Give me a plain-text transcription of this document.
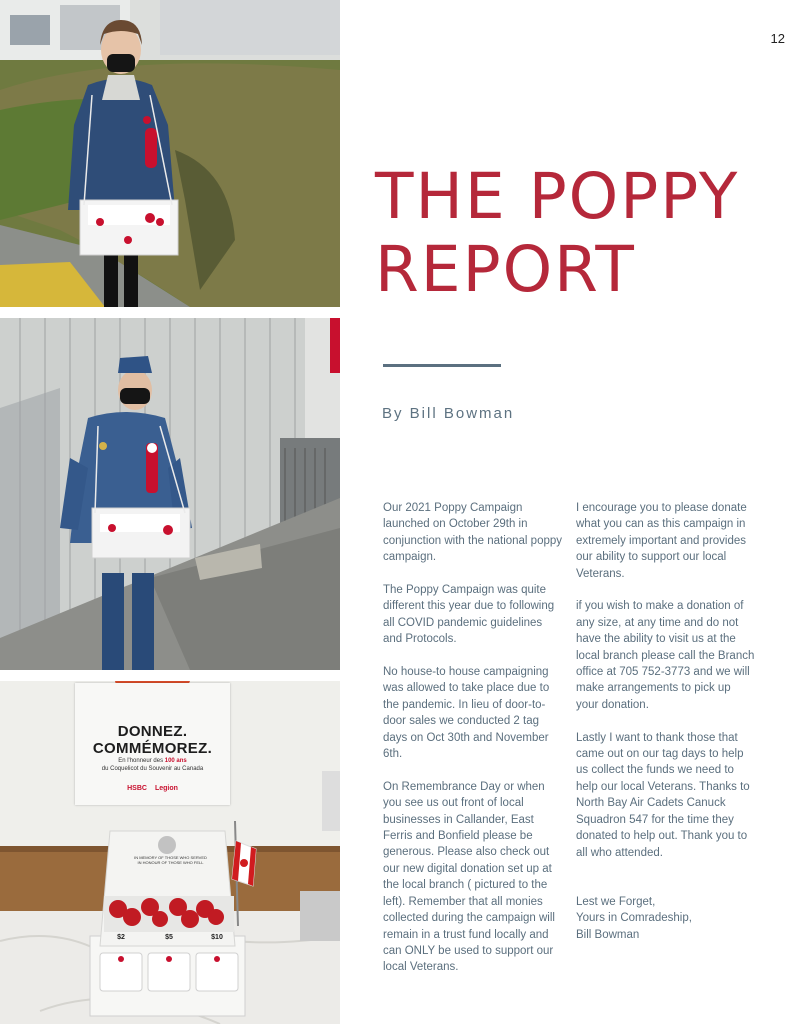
12
DONNEZ.
COMMÉMOREZ.
En l'honneur des 100 ans
du Coquelicot du Souvenir au Canada
HSBC Legion
IN MEMORY OF THOSE WHO SERVED
IN HONOUR OF THOSE WHO FELL
$2	$5	$10
THE POPPY
REPORT
By Bill Bowman

Our 2021 Poppy Campaign launched on October 29th in conjunction with the national poppy campaign.

The Poppy Campaign was quite different this year due to following all COVID pandemic guidelines and Protocols.

No house-to house campaigning was allowed to take place due to the pandemic. In lieu of door-to-door sales we conducted 2 tag days on Oct 30th and November 6th.

On Remembrance Day or when you see us out front of local businesses in Callander, East Ferris and Bonfield please be generous. Please also check out our new digital donation set up at the local branch ( pictured to the left). Remember that all monies collected during the campaign will remain in a trust fund locally and can ONLY be used to support our local Veterans.

I encourage you to please donate what you can as this campaign in extremely important and provides our ability to support our local Veterans.

if you wish to make a donation of any size, at any time and do not have the ability to visit us at the local branch please call the Branch office at 705 752-3773 and we will make arrangements to pick up your donation.

Lastly I want to thank those that came out on our tag days to help us collect the funds we need to help our local Veterans. Thanks to North Bay Air Cadets Canuck Squadron 547 for the time they donated to help out. Thank you to all who attended.

Lest we Forget,

Yours in Comradeship,

Bill Bowman
